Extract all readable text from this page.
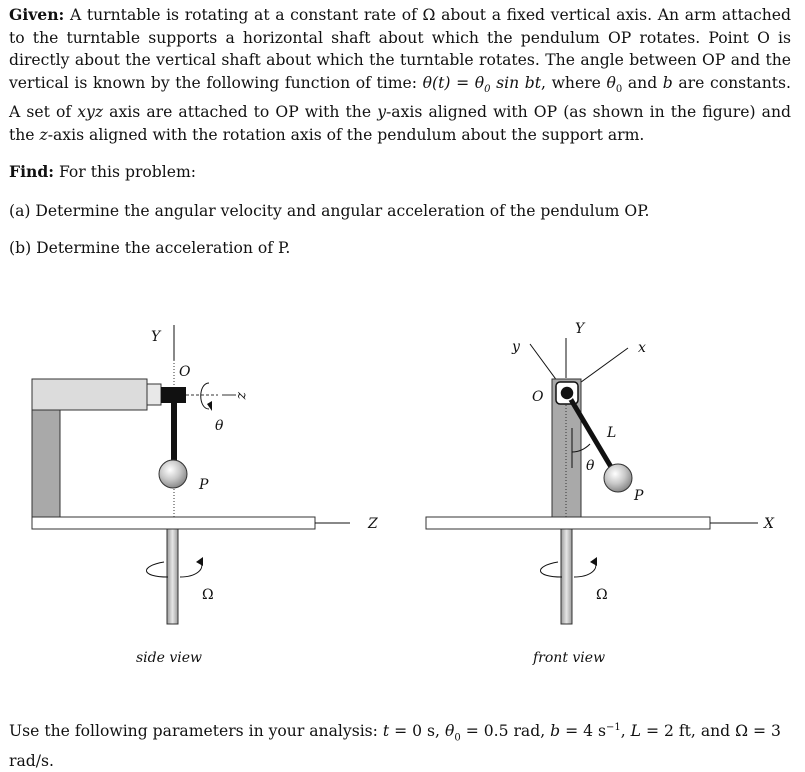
Given: A turntable is rotating at a constant rate of Ω about a fixed vertical axis. An arm attached to the turntable supports a horizontal shaft about which the pendulum OP rotates. Point O is directly about the vertical shaft about which the turntable rotates. The angle between OP and the vertical is known by the following function of time: $\theta(t) = \theta_0$ sin bt, where $\theta_0$ and b are constants. A set of xyz axis are attached to OP with the y-axis aligned with OP (as shown in the figure) and the z-axis aligned with the rotation axis of the pendulum about the support arm.
Find: For this problem:
(a) Determine the angular velocity and angular acceleration of the pendulum OP.
(b) Determine the acceleration of P.
Y
z
θ
O
P
Z
Ω
side view
Y
y	x
O
L
P
θ
X
Ω
front view
Use the following parameters in your analysis: t = 0 s, $\theta_0 = 0.5$ rad, b = 4 $s^{-1}$, L = 2 ft, and Ω = 3
rad/s.
